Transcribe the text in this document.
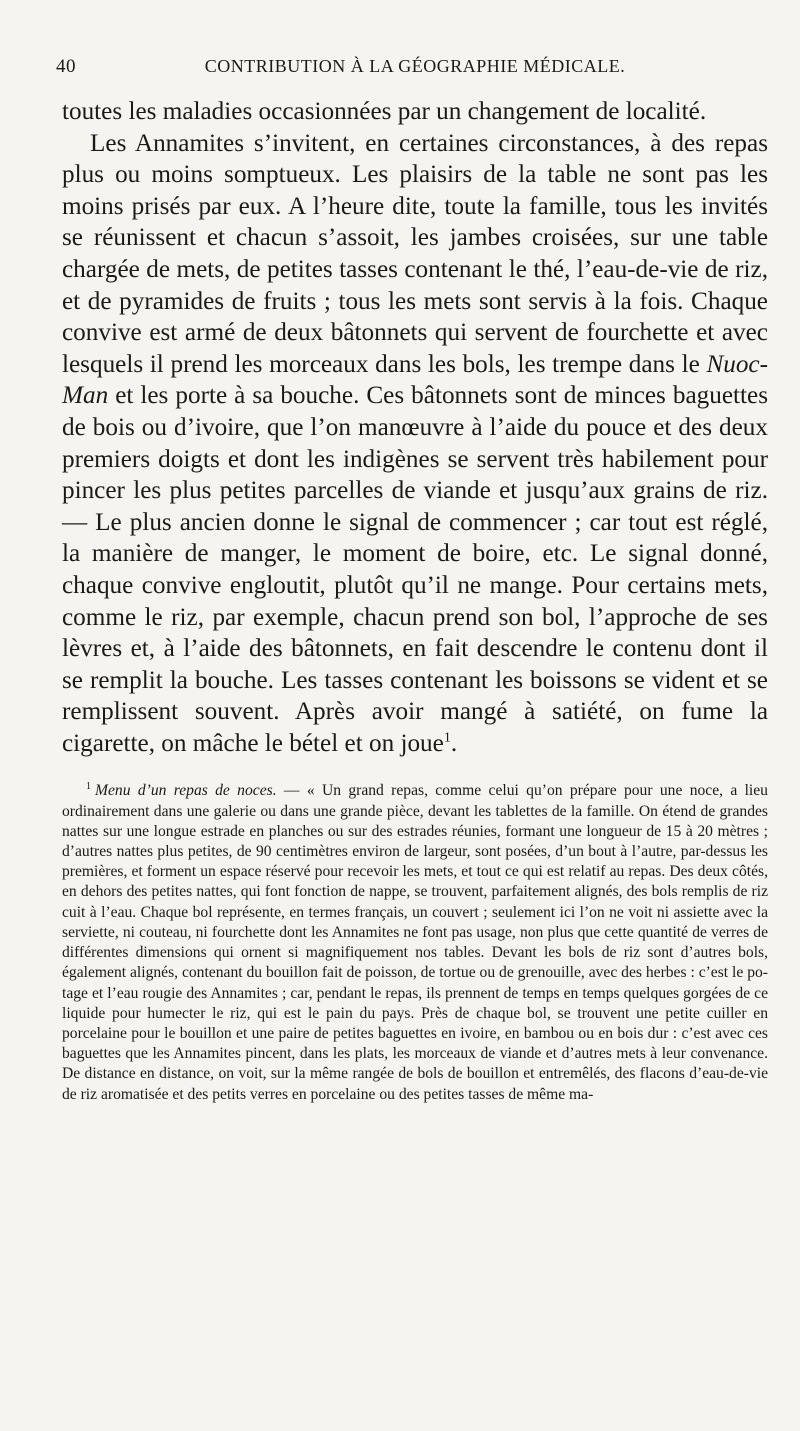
40	CONTRIBUTION À LA GÉOGRAPHIE MÉDICALE.

toutes les maladies occasionnées par un changement de localité.

Les Annamites s’invitent, en certaines circonstances, à des repas plus ou moins somptueux. Les plaisirs de la table ne sont pas les moins prisés par eux. A l’heure dite, toute la famille, tous les invités se réunissent et chacun s’assoit, les jambes croisées, sur une table chargée de mets, de petites tasses contenant le thé, l’eau-de-vie de riz, et de pyramides de fruits ; tous les mets sont servis à la fois. Chaque convive est armé de deux bâtonnets qui servent de fourchette et avec lesquels il prend les morceaux dans les bols, les trempe dans le Nuoc-Man et les porte à sa bouche. Ces bâtonnets sont de minces baguettes de bois ou d’ivoire, que l’on manœuvre à l’aide du pouce et des deux premiers doigts et dont les indigènes se servent très habilement pour pincer les plus petites parcelles de viande et jusqu’aux grains de riz. — Le plus ancien donne le signal de commencer ; car tout est réglé, la manière de manger, le moment de boire, etc. Le signal donné, chaque convive engloutit, plutôt qu’il ne mange. Pour certains mets, comme le riz, par exemple, chacun prend son bol, l’approche de ses lèvres et, à l’aide des bâtonnets, en fait descendre le contenu dont il se remplit la bouche. Les tasses contenant les boissons se vident et se remplissent souvent. Après avoir mangé à satiété, on fume la cigarette, on mâche le bétel et on joue$^1$.

$^1$ Menu d’un repas de noces. — « Un grand repas, comme celui qu’on prépare pour une noce, a lieu ordinairement dans une galerie ou dans une grande pièce, devant les tablettes de la famille. On étend de grandes nattes sur une longue estrade en planches ou sur des estrades réunies, formant une longueur de 15 à 20 mètres ; d’autres nattes plus petites, de 90 centimètres environ de largeur, sont posées, d’un bout à l’autre, par-dessus les premières, et forment un espace réservé pour recevoir les mets, et tout ce qui est relatif au repas. Des deux côtés, en dehors des petites nattes, qui font fonction de nappe, se trouvent, parfaitement alignés, des bols remplis de riz cuit à l’eau. Chaque bol représente, en termes français, un couvert ; seulement ici l’on ne voit ni assiette avec la serviette, ni couteau, ni fourchette dont les Annamites ne font pas usage, non plus que cette quantité de verres de différentes dimensions qui ornent si magnifiquement nos tables. Devant les bols de riz sont d’autres bols, également alignés, contenant du bouillon fait de poisson, de tortue ou de grenouille, avec des herbes : c’est le potage et l’eau rougie des Annamites ; car, pendant le repas, ils prennent de temps en temps quelques gorgées de ce liquide pour humecter le riz, qui est le pain du pays. Près de chaque bol, se trouvent une petite cuiller en porcelaine pour le bouillon et une paire de petites baguettes en ivoire, en bambou ou en bois dur : c’est avec ces baguettes que les Annamites pincent, dans les plats, les morceaux de viande et d’autres mets à leur convenance. De distance en distance, on voit, sur la même rangée de bols de bouillon et entremêlés, des flacons d’eau-de-vie de riz aromatisée et des petits verres en porcelaine ou des petites tasses de même ma-
